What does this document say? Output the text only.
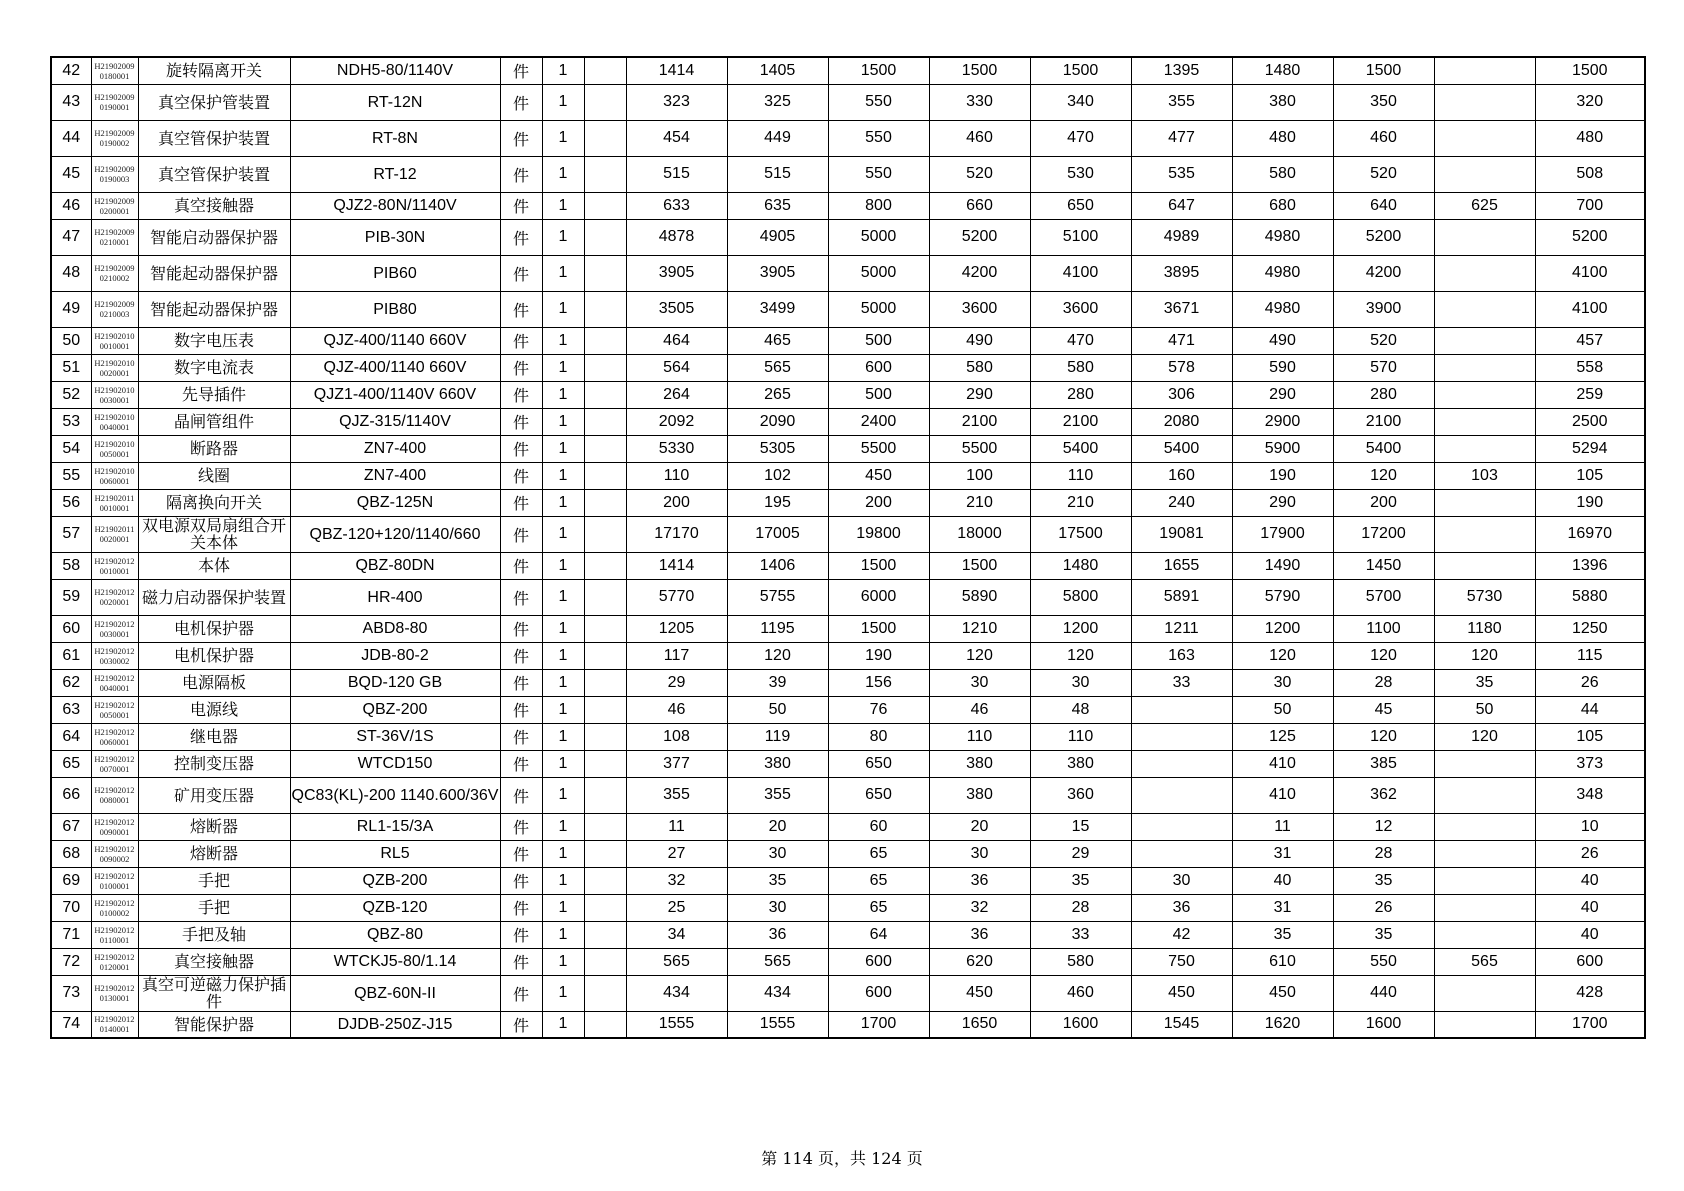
42	H21902009 0180001	旋转隔离开关	NDH5-80/1140V	件	1		1414	1405	1500	1500	1500	1395	1480	1500		1500
43	H21902009 0190001	真空保护管装置	RT-12N	件	1		323	325	550	330	340	355	380	350		320
44	H21902009 0190002	真空管保护装置	RT-8N	件	1		454	449	550	460	470	477	480	460		480
45	H21902009 0190003	真空管保护装置	RT-12	件	1		515	515	550	520	530	535	580	520		508
46	H21902009 0200001	真空接触器	QJZ2-80N/1140V	件	1		633	635	800	660	650	647	680	640	625	700
47	H21902009 0210001	智能启动器保护器	PIB-30N	件	1		4878	4905	5000	5200	5100	4989	4980	5200		5200
48	H21902009 0210002	智能起动器保护器	PIB60	件	1		3905	3905	5000	4200	4100	3895	4980	4200		4100
49	H21902009 0210003	智能起动器保护器	PIB80	件	1		3505	3499	5000	3600	3600	3671	4980	3900		4100
50	H21902010 0010001	数字电压表	QJZ-400/1140 660V	件	1		464	465	500	490	470	471	490	520		457
51	H21902010 0020001	数字电流表	QJZ-400/1140 660V	件	1		564	565	600	580	580	578	590	570		558
52	H21902010 0030001	先导插件	QJZ1-400/1140V 660V	件	1		264	265	500	290	280	306	290	280		259
53	H21902010 0040001	晶闸管组件	QJZ-315/1140V	件	1		2092	2090	2400	2100	2100	2080	2900	2100		2500
54	H21902010 0050001	断路器	ZN7-400	件	1		5330	5305	5500	5500	5400	5400	5900	5400		5294
55	H21902010 0060001	线圈	ZN7-400	件	1		110	102	450	100	110	160	190	120	103	105
56	H21902011 0010001	隔离换向开关	QBZ-125N	件	1		200	195	200	210	210	240	290	200		190
57	H21902011 0020001	双电源双局扇组合开关本体	QBZ-120+120/1140/660	件	1		17170	17005	19800	18000	17500	19081	17900	17200		16970
58	H21902012 0010001	本体	QBZ-80DN	件	1		1414	1406	1500	1500	1480	1655	1490	1450		1396
59	H21902012 0020001	磁力启动器保护装置	HR-400	件	1		5770	5755	6000	5890	5800	5891	5790	5700	5730	5880
60	H21902012 0030001	电机保护器	ABD8-80	件	1		1205	1195	1500	1210	1200	1211	1200	1100	1180	1250
61	H21902012 0030002	电机保护器	JDB-80-2	件	1		117	120	190	120	120	163	120	120	120	115
62	H21902012 0040001	电源隔板	BQD-120 GB	件	1		29	39	156	30	30	33	30	28	35	26
63	H21902012 0050001	电源线	QBZ-200	件	1		46	50	76	46	48		50	45	50	44
64	H21902012 0060001	继电器	ST-36V/1S	件	1		108	119	80	110	110		125	120	120	105
65	H21902012 0070001	控制变压器	WTCD150	件	1		377	380	650	380	380		410	385		373
66	H21902012 0080001	矿用变压器	QC83(KL)-200 1140.600/36V	件	1		355	355	650	380	360		410	362		348
67	H21902012 0090001	熔断器	RL1-15/3A	件	1		11	20	60	20	15		11	12		10
68	H21902012 0090002	熔断器	RL5	件	1		27	30	65	30	29		31	28		26
69	H21902012 0100001	手把	QZB-200	件	1		32	35	65	36	35	30	40	35		40
70	H21902012 0100002	手把	QZB-120	件	1		25	30	65	32	28	36	31	26		40
71	H21902012 0110001	手把及轴	QBZ-80	件	1		34	36	64	36	33	42	35	35		40
72	H21902012 0120001	真空接触器	WTCKJ5-80/1.14	件	1		565	565	600	620	580	750	610	550	565	600
73	H21902012 0130001	真空可逆磁力保护插件	QBZ-60N-II	件	1		434	434	600	450	460	450	450	440		428
74	H21902012 0140001	智能保护器	DJDB-250Z-J15	件	1		1555	1555	1700	1650	1600	1545	1620	1600		1700
第 114 页，共 124 页
